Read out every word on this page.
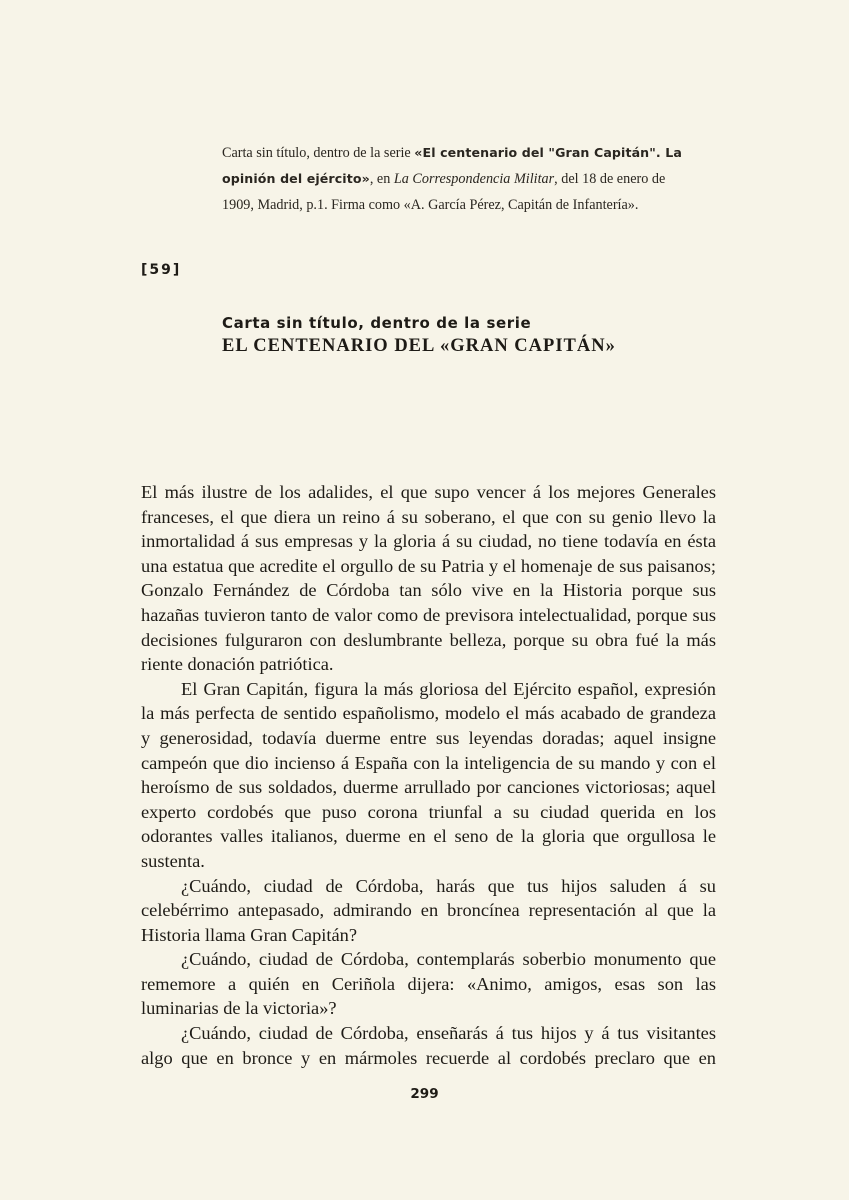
Carta sin título, dentro de la serie «El centenario del "Gran Capitán". La opinión del ejército», en La Correspondencia Militar, del 18 de enero de 1909, Madrid, p.1. Firma como «A. García Pérez, Capitán de Infantería».
[59]
Carta sin título, dentro de la serie
EL CENTENARIO DEL «GRAN CAPITÁN»

El más ilustre de los adalides, el que supo vencer á los mejores Generales franceses, el que diera un reino á su soberano, el que con su genio llevo la inmortalidad á sus empresas y la gloria á su ciudad, no tiene todavía en ésta una estatua que acredite el orgullo de su Patria y el homenaje de sus paisanos; Gonzalo Fernández de Córdoba tan sólo vive en la Historia porque sus hazañas tuvieron tanto de valor como de previsora intelectualidad, porque sus decisiones fulguraron con deslumbrante belleza, porque su obra fué la más riente donación patriótica.

El Gran Capitán, figura la más gloriosa del Ejército español, expresión la más perfecta de sentido españolismo, modelo el más acabado de grandeza y generosidad, todavía duerme entre sus leyendas doradas; aquel insigne campeón que dio incienso á España con la inteligencia de su mando y con el heroísmo de sus soldados, duerme arrullado por canciones victoriosas; aquel experto cordobés que puso corona triunfal a su ciudad querida en los odorantes valles italianos, duerme en el seno de la gloria que orgullosa le sustenta.

¿Cuándo, ciudad de Córdoba, harás que tus hijos saluden á su celebérrimo antepasado, admirando en broncínea representación al que la Historia llama Gran Capitán?

¿Cuándo, ciudad de Córdoba, contemplarás soberbio monumento que rememore a quién en Ceriñola dijera: «Animo, amigos, esas son las luminarias de la victoria»?

¿Cuándo, ciudad de Córdoba, enseñarás á tus hijos y á tus visitantes algo que en bronce y en mármoles recuerde al cordobés preclaro que en

299
